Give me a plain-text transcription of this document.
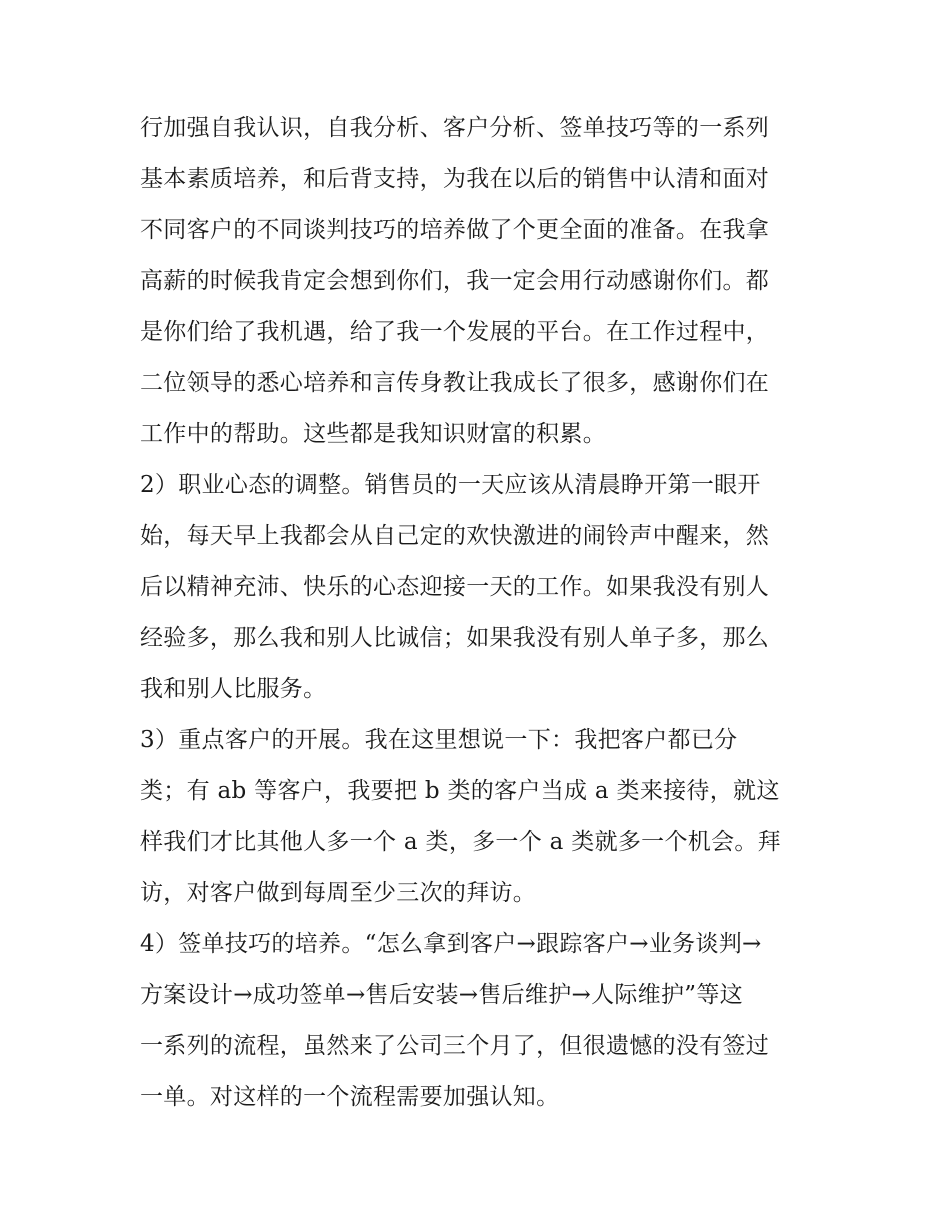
行加强自我认识，自我分析、客户分析、签单技巧等的一系列
基本素质培养，和后背支持，为我在以后的销售中认清和面对
不同客户的不同谈判技巧的培养做了个更全面的准备。在我拿
高薪的时候我肯定会想到你们，我一定会用行动感谢你们。都
是你们给了我机遇，给了我一个发展的平台。在工作过程中，
二位领导的悉心培养和言传身教让我成长了很多，感谢你们在
工作中的帮助。这些都是我知识财富的积累。
2）职业心态的调整。销售员的一天应该从清晨睁开第一眼开
始，每天早上我都会从自己定的欢快激进的闹铃声中醒来，然
后以精神充沛、快乐的心态迎接一天的工作。如果我没有别人
经验多，那么我和别人比诚信；如果我没有别人单子多，那么
我和别人比服务。
3）重点客户的开展。我在这里想说一下：我把客户都已分
类；有 ab 等客户，我要把 b 类的客户当成 a 类来接待，就这
样我们才比其他人多一个 a 类，多一个 a 类就多一个机会。拜
访，对客户做到每周至少三次的拜访。
4）签单技巧的培养。“怎么拿到客户→跟踪客户→业务谈判→
方案设计→成功签单→售后安装→售后维护→人际维护”等这
一系列的流程，虽然来了公司三个月了，但很遗憾的没有签过
一单。对这样的一个流程需要加强认知。
